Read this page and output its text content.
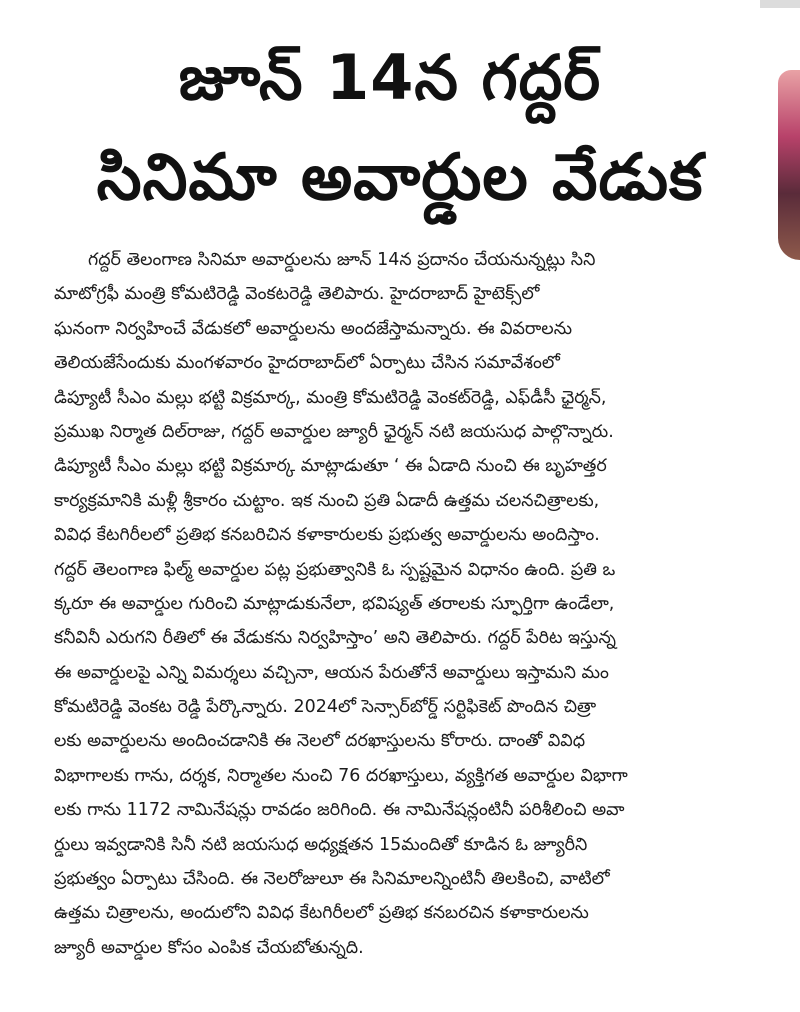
జూన్ 14న గద్దర్
సినిమా అవార్డుల వేడుక
గద్దర్ తెలంగాణ సినిమా అవార్డులను జూన్ 14న ప్రదానం చేయనున్నట్లు సిని
మాటోగ్రఫీ మంత్రి కోమటిరెడ్డి వెంకటరెడ్డి తెలిపారు. హైదరాబాద్ హైటెక్స్‌లో
ఘనంగా నిర్వహించే వేడుకలో అవార్డులను అందజేస్తామన్నారు. ఈ వివరాలను
తెలియజేసేందుకు మంగళవారం హైదరాబాద్‌లో ఏర్పాటు చేసిన సమావేశంలో
డిప్యూటీ సీఎం మల్లు భట్టి విక్రమార్క, మంత్రి కోమటిరెడ్డి వెంకట్‌రెడ్డి, ఎఫ్‌డీసీ ఛైర్మన్,
ప్రముఖ నిర్మాత దిల్‌రాజు, గద్దర్ అవార్డుల జ్యూరీ ఛైర్మన్ నటి జయసుధ పాల్గొన్నారు.
డిప్యూటీ సీఎం మల్లు భట్టి విక్రమార్క మాట్లాడుతూ ‘ ఈ ఏడాది నుంచి ఈ బృహత్తర
కార్యక్రమానికి మళ్లీ శ్రీకారం చుట్టాం. ఇక నుంచి ప్రతి ఏడాదీ ఉత్తమ చలనచిత్రాలకు,
వివిధ కేటగిరీలలో ప్రతిభ కనబరిచిన కళాకారులకు ప్రభుత్వ అవార్డులను అందిస్తాం.
గద్దర్ తెలంగాణ ఫిల్మ్ అవార్డుల పట్ల ప్రభుత్వానికి ఓ స్పష్టమైన విధానం ఉంది. ప్రతి ఒ
క్కరూ ఈ అవార్డుల గురించి మాట్లాడుకునేలా, భవిష్యత్ తరాలకు స్ఫూర్తిగా ఉండేలా,
కనీవినీ ఎరుగని రీతిలో ఈ వేడుకను నిర్వహిస్తాం’ అని తెలిపారు. గద్దర్ పేరిట ఇస్తున్న
ఈ అవార్డులపై ఎన్ని విమర్శలు వచ్చినా, ఆయన పేరుతోనే అవార్డులు ఇస్తామని మం
కోమటిరెడ్డి వెంకట రెడ్డి పేర్కొన్నారు. 2024లో సెన్సార్‌బోర్డ్ సర్టిఫికెట్ పొందిన చిత్రా
లకు అవార్డులను అందించడానికి ఈ నెలలో దరఖాస్తులను కోరారు. దాంతో వివిధ
విభాగాలకు గాను, దర్శక, నిర్మాతల నుంచి 76 దరఖాస్తులు, వ్యక్తిగత అవార్డుల విభాగా
లకు గాను 1172 నామినేషన్లు రావడం జరిగింది. ఈ నామినేషన్లంటినీ పరిశీలించి అవా
ర్డులు ఇవ్వడానికి సినీ నటి జయసుధ అధ్యక్షతన 15మందితో కూడిన ఓ జ్యూరీని
ప్రభుత్వం ఏర్పాటు చేసింది. ఈ నెలరోజులూ ఈ సినిమాలన్నింటినీ తిలకించి, వాటిలో
ఉత్తమ చిత్రాలను, అందులోని వివిధ కేటగిరీలలో ప్రతిభ కనబరచిన కళాకారులను
జ్యూరీ అవార్డుల కోసం ఎంపిక చేయబోతున్నది.
